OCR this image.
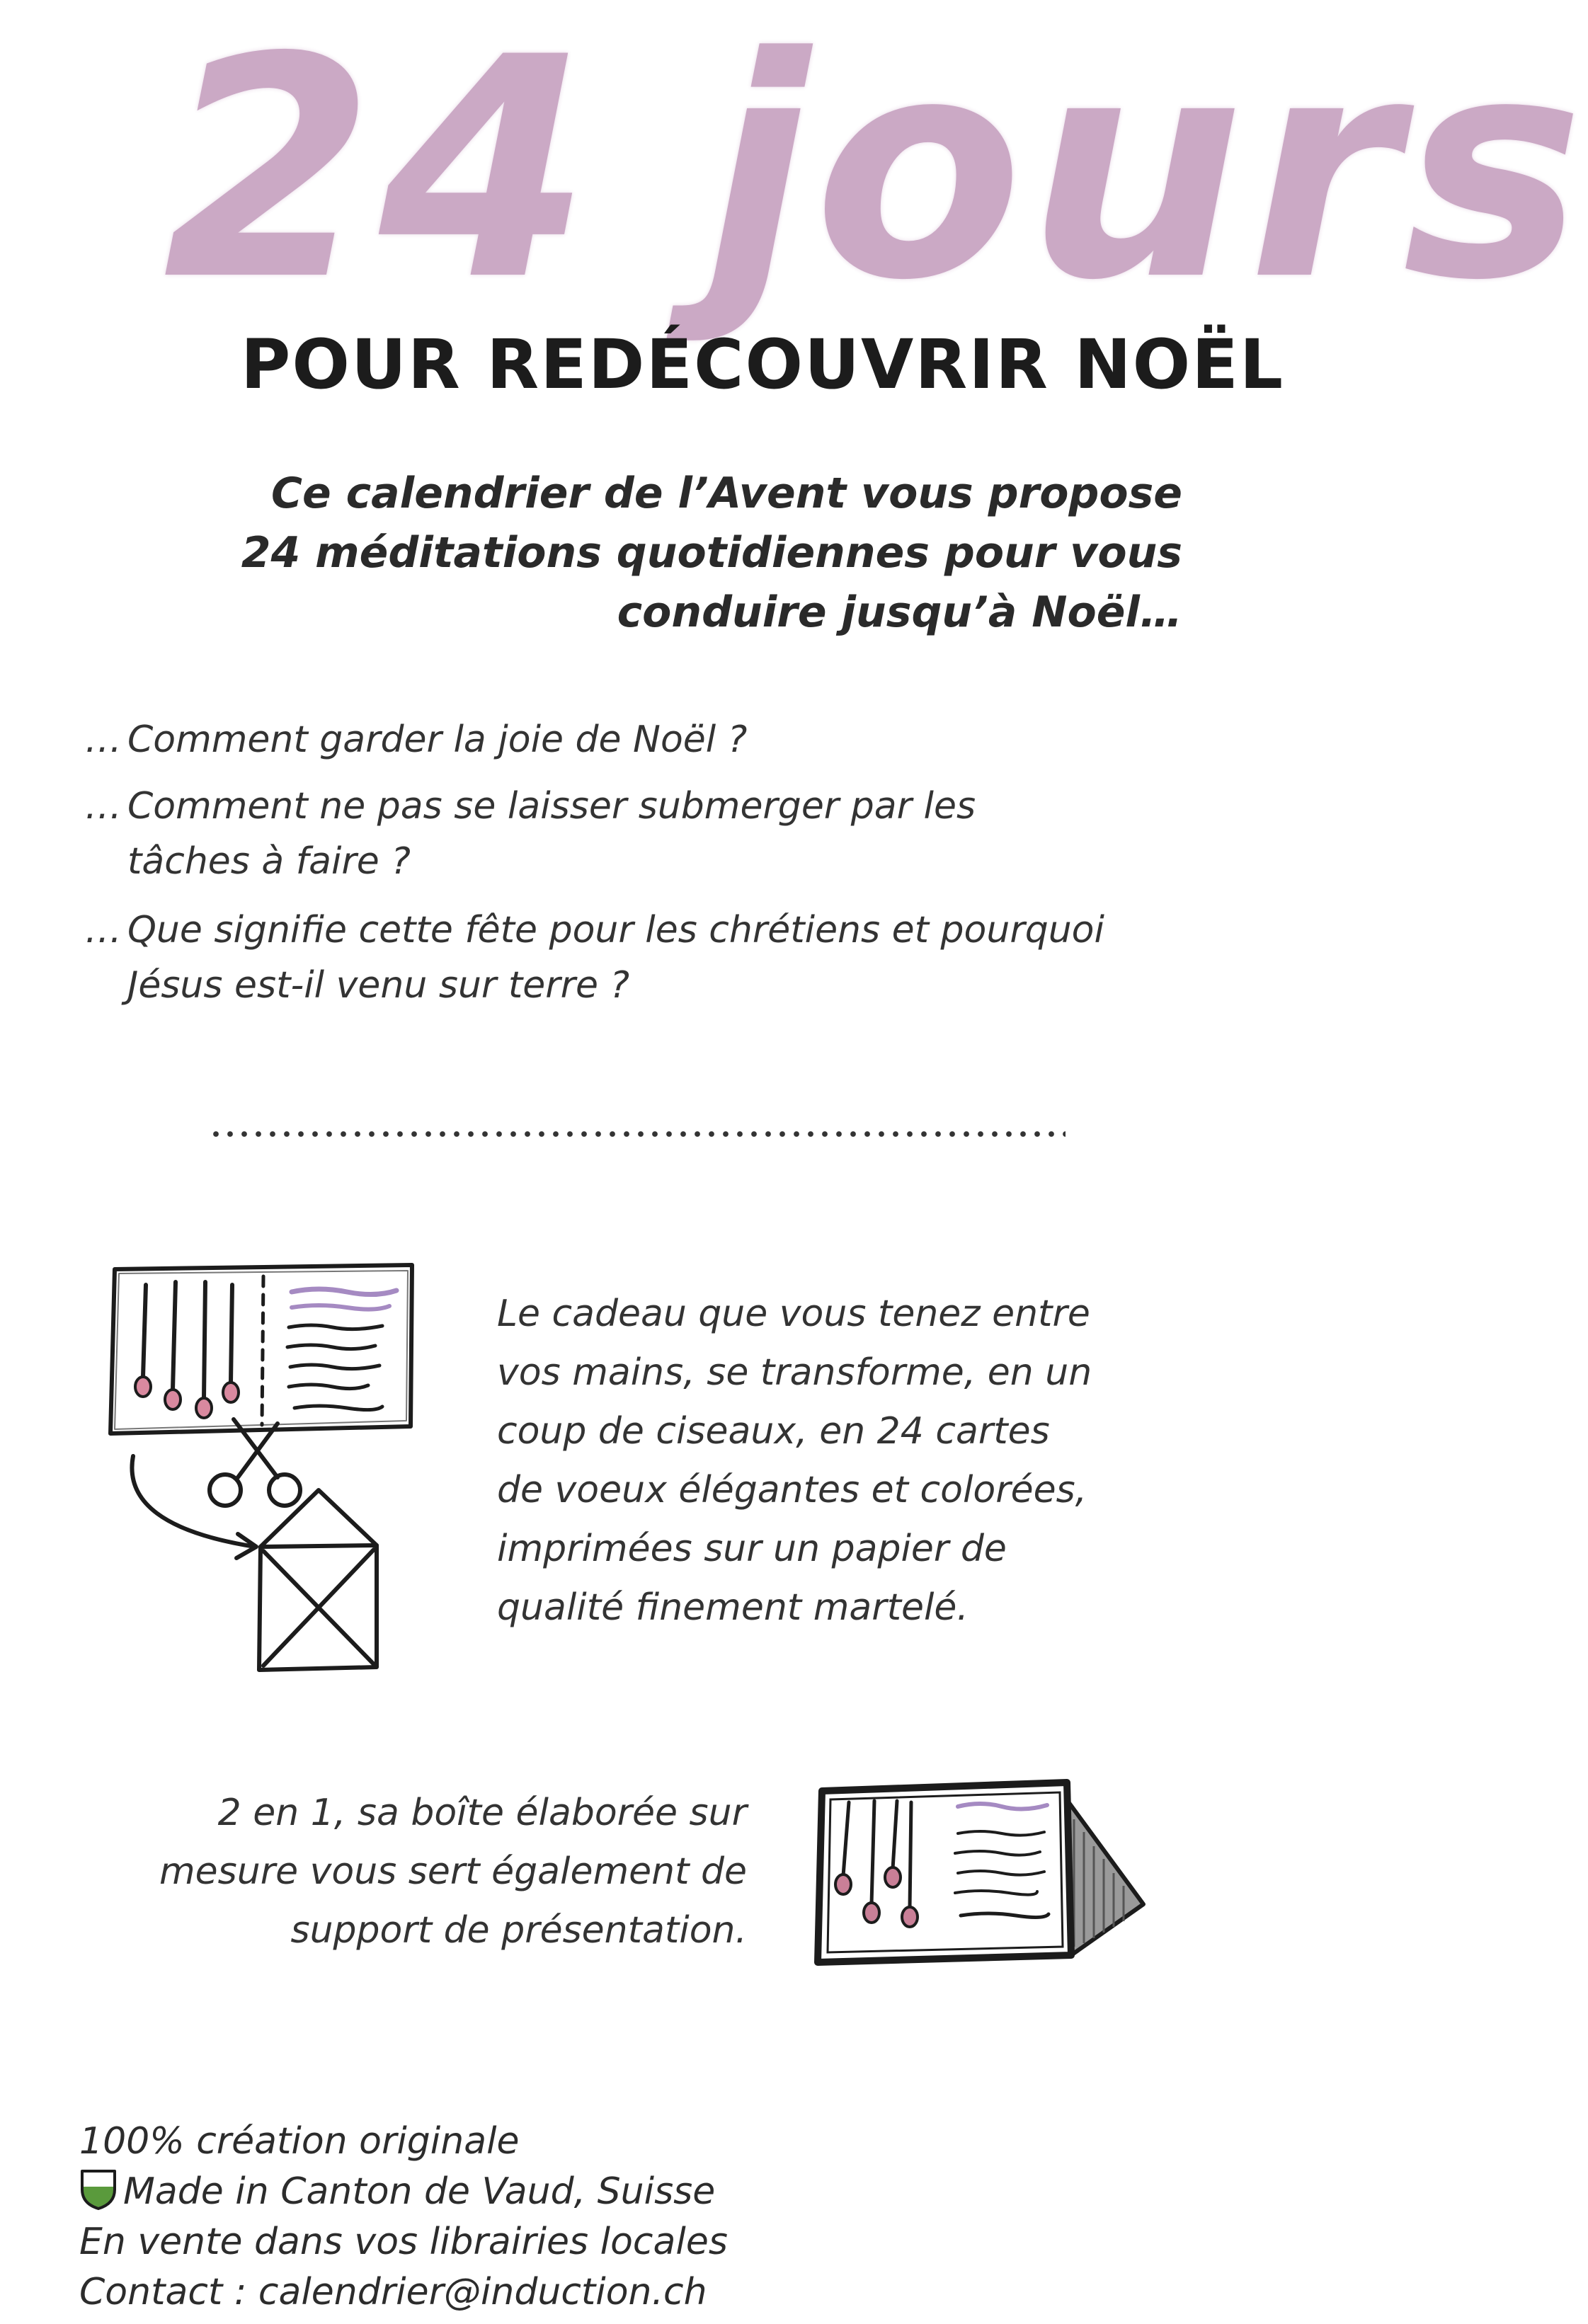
24 jours
POUR REDÉCOUVRIR NOËL
Ce calendrier de l’Avent vous propose
24 méditations quotidiennes pour vous
conduire jusqu’à Noël…
… Comment garder la joie de Noël ?
… Comment ne pas se laisser submerger par les
tâches à faire ?
… Que signifie cette fête pour les chrétiens et pourquoi
Jésus est-il venu sur terre ?
Le cadeau que vous tenez entre
vos mains, se transforme, en un
coup de ciseaux, en 24 cartes
de voeux élégantes et colorées,
imprimées sur un papier de
qualité finement martelé.
2 en 1, sa boîte élaborée sur
mesure vous sert également de
support de présentation.
100% création originale
Made in Canton de Vaud, Suisse
En vente dans vos librairies locales
Contact : calendrier@induction.ch
